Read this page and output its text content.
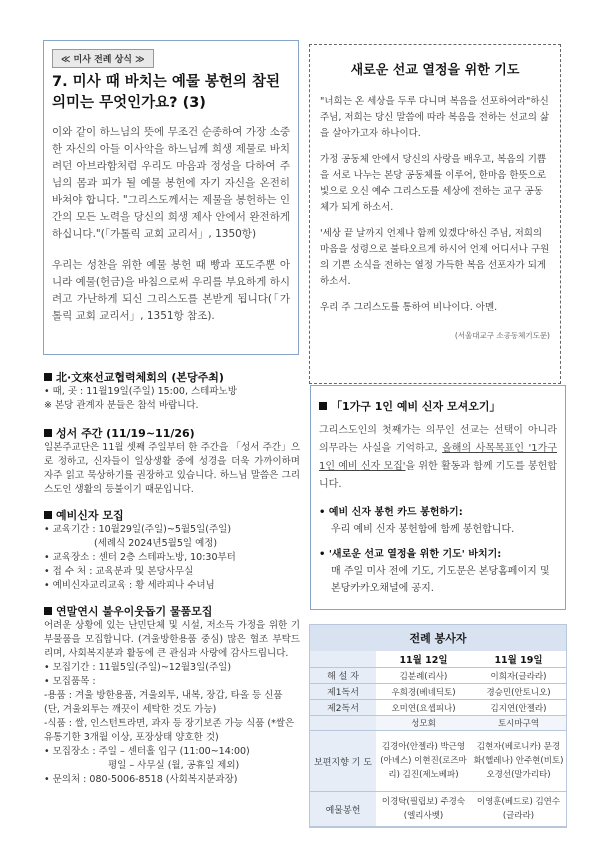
≪ 미사 전례 상식 ≫

7. 미사 때 바치는 예물 봉헌의 참된 의미는 무엇인가요? (3)

이와 같이 하느님의 뜻에 무조건 순종하여 가장 소중한 자신의 아들 이사악을 하느님께 희생 제물로 바치려던 아브라함처럼 우리도 마음과 정성을 다하여 주님의 몸과 피가 될 예물 봉헌에 자기 자신을 온전히 바쳐야 합니다. "그리스도께서는 제물을 봉헌하는 인간의 모든 노력을 당신의 희생 제사 안에서 완전하게 하십니다."(「가톨릭 교회 교리서」, 1350항)

우리는 성찬을 위한 예물 봉헌 때 빵과 포도주뿐 아니라 예물(헌금)을 바침으로써 우리를 부요하게 하시려고 가난하게 되신 그리스도를 본받게 됩니다(「가톨릭 교회 교리서」, 1351항 참조).

새로운 선교 열정을 위한 기도

"너희는 온 세상을 두루 다니며 복음을 선포하여라"하신 주님, 저희는 당신 말씀에 따라 복음을 전하는 선교의 삶을 살아가고자 하나이다.

가정 공동체 안에서 당신의 사랑을 배우고, 복음의 기쁨을 서로 나누는 본당 공동체를 이루어, 한마음 한뜻으로 빛으로 오신 예수 그리스도를 세상에 전하는 교구 공동체가 되게 하소서.

'세상 끝 날까지 언제나 함께 있겠다'하신 주님, 저희의 마음을 성령으로 불타오르게 하시어 언제 어디서나 구원의 기쁜 소식을 전하는 열정 가득한 복음 선포자가 되게 하소서.

우리 주 그리스도를 통하여 비나이다. 아멘.

(서울대교구 소공동체기도문)
北·文來선교협력체회의 (본당주최)
• 때, 곳 : 11월19일(주일) 15:00, 스테파노방
※ 본당 관계자 분들은 참석 바랍니다.
성서 주간 (11/19~11/26)

일본주교단은 11월 셋째 주일부터 한 주간을 「성서 주간」으로 정하고, 신자들이 일상생활 중에 성경을 더욱 가까이하며 자주 읽고 묵상하기를 권장하고 있습니다. 하느님 말씀은 그리스도인 생활의 등불이기 때문입니다.

예비신자 모집
• 교육기간 : 10월29일(주일)~5월5일(주일)
(세례식 2024년5월5일 예정)
• 교육장소 : 센터 2층 스테파노방, 10:30부터
• 접 수 처 : 교육분과 및 본당사무실
• 예비신자교리교육 : 황 세라피나 수녀님
연말연시 불우이웃돕기 물품모집

어려운 상황에 있는 난민단체 및 시설, 저소득 가정을 위한 기부물품을 모집합니다. (겨울방한용품 중심) 많은 협조 부탁드리며, 사회복지분과 활동에 큰 관심과 사랑에 감사드립니다.

• 모집기간 : 11월5일(주일)~12월3일(주일)
• 모집품목 :
-용품 : 겨울 방한용품, 겨울외투, 내복, 장갑, 타올 등 신품 (단, 겨울외투는 깨끗이 세탁한 것도 가능)
-식품 : 쌀, 인스턴트라면, 과자 등 장기보존 가능 식품 (*쌀은 유통기한 3개월 이상, 포장상태 양호한 것)
• 모집장소 : 주일 – 센터홀 입구 (11:00~14:00)
평일 – 사무실 (월, 공휴일 제외)
• 문의처 : 080-5006-8518 (사회복지분과장)
「1가구 1인 예비 신자 모셔오기」

그리스도인의 첫째가는 의무인 선교는 선택이 아니라 의무라는 사실을 기억하고, 올해의 사목목표인 '1가구 1인 예비 신자 모집'을 위한 활동과 함께 기도를 봉헌합니다.

• 예비 신자 봉헌 카드 봉헌하기:
우리 예비 신자 봉헌함에 함께 봉헌합니다.
• '새로운 선교 열정을 위한 기도' 바치기:
매 주일 미사 전에 기도, 기도문은 본당홈페이지 및 본당카카오채널에 공지.
전례 봉사자
	11월 12일	11월 19일
해 설 자	김분례(리사)	이희자(글라라)
제1독서	우희경(베네딕토)	경승민(안토니오)
제2독서	오미연(요셉피나)	김지연(안젤라)
	성모회	토시마구역
보편지향 기 도	김경아(안젤라) 박근영(아녜스) 이현진(로즈마리) 김진(제노베파)	김현자(베로니카) 문경화(헬레나) 안주현(비토) 오경선(말가리타)
예물봉헌	이경탁(필립보) 주경숙(엘리사벳)	이영훈(베드로) 김연수(글라라)
